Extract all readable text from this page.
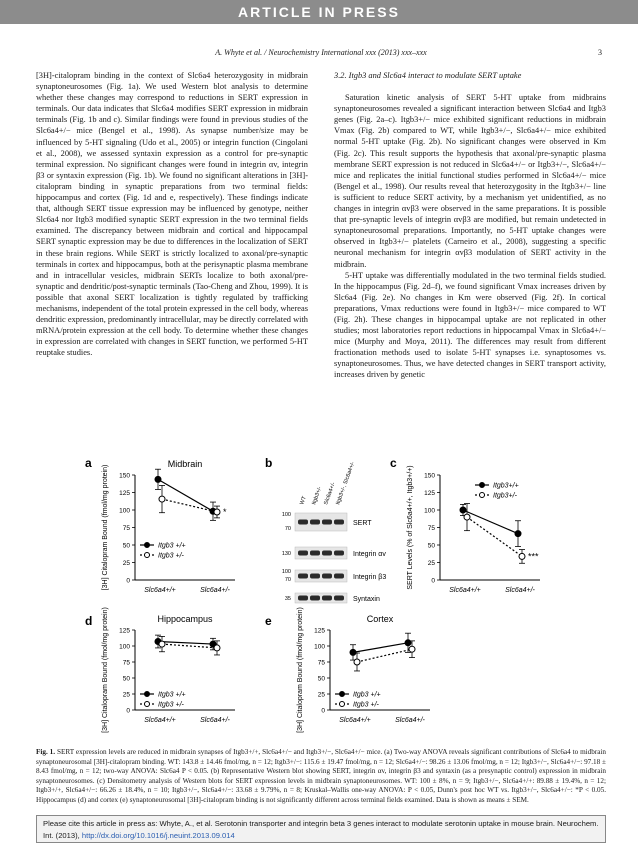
ARTICLE IN PRESS
A. Whyte et al. / Neurochemistry International xxx (2013) xxx–xxx	3

[3H]-citalopram binding in the context of Slc6a4 heterozygosity in midbrain synaptoneurosomes (Fig. 1a). We used Western blot analysis to determine whether these changes may correspond to reductions in SERT expression in terminals. Our data indicates that Slc6a4 modifies SERT expression in midbrain terminals (Fig. 1b and c). Similar findings were found in previous studies of the Slc6a4+/− mice (Bengel et al., 1998). As synapse number/size may be influenced by 5-HT signaling (Udo et al., 2005) or integrin function (Cingolani et al., 2008), we assessed syntaxin expression as a control for pre-synaptic terminal expression. No significant changes were found in integrin αv, integrin β3 or syntaxin expression (Fig. 1b). We found no significant alterations in [3H]-citalopram binding in synaptic preparations from two terminal fields: hippocampus and cortex (Fig. 1d and e, respectively). These findings indicate that, although SERT tissue expression may be influenced by genotype, neither Slc6a4 nor Itgb3 modified synaptic SERT expression in the two terminal fields examined. The discrepancy between midbrain and cortical and hippocampal SERT synaptic expression may be due to differences in the localization of SERT in these brain regions. While SERT is strictly localized to axonal/pre-synaptic terminals in cortex and hippocampus, both at the perisynaptic plasma membrane and in intracellular vesicles, midbrain SERTs localize to both axonal/pre-synaptic and dendritic/post-synaptic terminals (Tao-Cheng and Zhou, 1999). It is possible that axonal SERT localization is tightly regulated by trafficking mechanisms, independent of the total protein expressed in the cell body, whereas dendritic expression, predominantly intracellular, may be directly correlated with mRNA/protein expression at the cell body. To determine whether these changes in expression are correlated with changes in SERT function, we performed 5-HT reuptake studies.

3.2. Itgb3 and Slc6a4 interact to modulate SERT uptake

Saturation kinetic analysis of SERT 5-HT uptake from midbrains synaptoneurosomes revealed a significant interaction between Slc6a4 and Itgb3 genes (Fig. 2a–c). Itgb3+/− mice exhibited significant reductions in midbrain Vmax (Fig. 2b) compared to WT, while Itgb3+/−, Slc6a4+/− mice exhibited normal 5-HT uptake (Fig. 2b). No significant changes were observed in Km (Fig. 2c). This result supports the hypothesis that axonal/pre-synaptic plasma membrane SERT expression is not reduced in Slc6a4+/− or Itgb3+/−, Slc6a4+/− mice and replicates the initial functional studies performed in Slc6a4+/− mice (Bengel et al., 1998). Our results reveal that heterozygosity in the Itgb3+/− line is sufficient to reduce SERT activity, by a mechanism yet unidentified, as no changes in integrin αvβ3 were observed in the same preparations. It is possible that pre-synaptic levels of integrin αvβ3 are modified, but remain undetected in synaptoneurosomal preparations. Importantly, no 5-HT uptake changes were observed in Itgb3+/− platelets (Carneiro et al., 2008), suggesting a specific neuronal mechanism for integrin αvβ3 modulation of SERT activity in the midbrain.

5-HT uptake was differentially modulated in the two terminal fields studied. In the hippocampus (Fig. 2d–f), we found significant Vmax increases driven by Slc6a4 (Fig. 2e). No changes in Km were observed (Fig. 2f). In cortical preparations, Vmax reductions were found in Itgb3+/− mice compared to WT (Fig. 2h). These changes in hippocampal uptake are not replicated in other studies; most laboratories report reductions in hippocampal Vmax in Slc6a4+/− mice (Murphy and Moya, 2011). The differences may result from different fractionation methods used to isolate 5-HT synapses i.e. synaptosomes vs. synaptoneurosomes. Thus, we have detected changes in SERT transport activity, increases driven by genetic

a	Midbrain
0
25
50
75
100
125
150
[3H] Citalopram Bound (fmol/mg protein)
Slc6a4+/+	Slc6a4+/-
Itgb3 +/+
Itgb3 +/-
*
c
0
25
50
75
100
125
150
SERT Levels (% of Slc6a4+/+, Itgb3+/+)
Slc6a4+/+	Slc6a4+/-
Itgb3+/+
Itgb3+/-
***
d	Hippocampus
0
25
50
75
100
125
[3H] Citalopram Bound (fmol/mg protein)	Slc6a4+/+	Slc6a4+/-
Itgb3 +/+
Itgb3 +/-
e	Cortex
0
25
50
75
100
125
[3H] Citalopram Bound (fmol/mg protein)	Slc6a4+/+	Slc6a4+/-
Itgb3 +/+
Itgb3 +/-
b
WT Itgb3+/- Slc6a4+/-
Itgb3+/-, Slc6a4+/-
SERT
100
70
Integrin αv
130
Integrin β3
100
70
Syntaxin
35
Fig. 1. SERT expression levels are reduced in midbrain synapses of Itgb3+/+, Slc6a4+/− and Itgb3+/−, Slc6a4+/− mice. (a) Two-way ANOVA reveals significant contributions of Slc6a4 to midbrain synaptoneurosomal [3H]-citalopram binding. WT: 143.8 ± 14.46 fmol/mg, n = 12; Itgb3+/−: 115.6 ± 19.47 fmol/mg, n = 12; Slc6a4+/−: 98.26 ± 13.06 fmol/mg, n = 12; Itgb3+/−, Slc6a4+/−: 97.18 ± 8.43 fmol/mg, n = 12; two-way ANOVA: Slc6a4 P < 0.05. (b) Representative Western blot showing SERT, integrin αv, integrin β3 and syntaxin (as a presynaptic control) expression in midbrain synaptoneurosomes. (c) Densitometry analysis of Western blots for SERT expression levels in midbrain synaptoneurosomes. WT: 100 ± 8%, n = 9; Itgb3+/−, Slc6a4+/+: 89.88 ± 19.4%, n = 12; Itgb3+/+, Slc6a4+/−: 66.26 ± 18.4%, n = 10; Itgb3+/−, Slc6a4+/−: 33.68 ± 9.79%, n = 8; Kruskal–Wallis one-way ANOVA: P < 0.05, Dunn's post hoc WT vs. Itgb3+/−, Slc6a4+/−: *P < 0.05. Hippocampus (d) and cortex (e) synaptoneurosomal [3H]-citalopram binding is not significantly different across terminal fields examined. Data is shown as means ± SEM.
Please cite this article in press as: Whyte, A., et al. Serotonin transporter and integrin beta 3 genes interact to modulate serotonin uptake in mouse brain. Neurochem. Int. (2013), http://dx.doi.org/10.1016/j.neuint.2013.09.014
